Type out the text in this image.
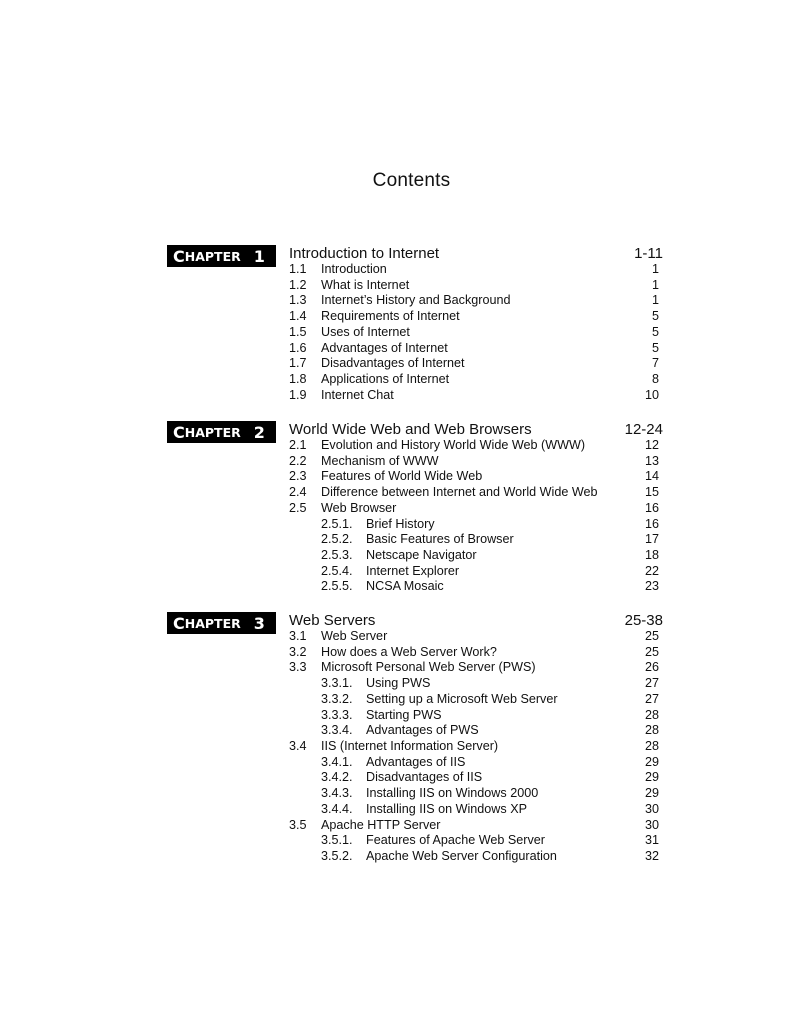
Contents
C HAPTER 1 Introduction to Internet	1-11
1.1 Introduction	1
1.2 What is Internet	1
1.3 Internet’s History and Background	1
1.4 Requirements of Internet	5
1.5 Uses of Internet	5
1.6 Advantages of Internet	5
1.7 Disadvantages of Internet	7
1.8 Applications of Internet	8
1.9 Internet Chat	10
C HAPTER 2 World Wide Web and Web Browsers	12-24
2.1 Evolution and History World Wide Web (WWW)	12
2.2 Mechanism of WWW	13
2.3 Features of World Wide Web	14
2.4 Difference between Internet and World Wide Web	15
2.5 Web Browser	16
2.5.1. Brief History	16
2.5.2. Basic Features of Browser	17
2.5.3. Netscape Navigator	18
2.5.4. Internet Explorer	22
2.5.5. NCSA Mosaic	23
C HAPTER 3 Web Servers	25-38
3.1 Web Server	25
3.2 How does a Web Server Work?	25
3.3 Microsoft Personal Web Server (PWS)	26
3.3.1. Using PWS	27
3.3.2. Setting up a Microsoft Web Server	27
3.3.3. Starting PWS	28
3.3.4. Advantages of PWS	28
3.4 IIS (Internet Information Server)	28
3.4.1. Advantages of IIS	29
3.4.2. Disadvantages of IIS	29
3.4.3. Installing IIS on Windows 2000	29
3.4.4. Installing IIS on Windows XP	30
3.5 Apache HTTP Server	30
3.5.1. Features of Apache Web Server	31
3.5.2. Apache Web Server Configuration	32
